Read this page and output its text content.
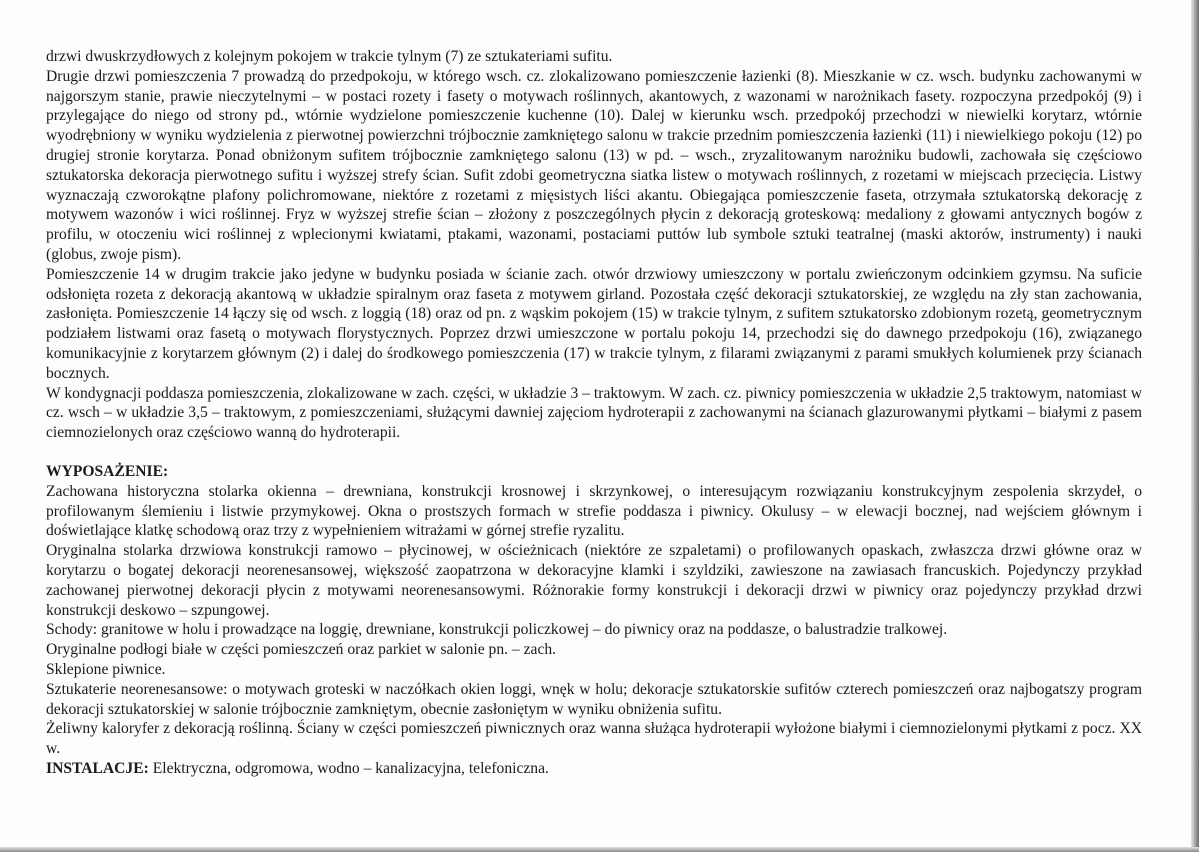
drzwi dwuskrzydłowych z kolejnym pokojem w trakcie tylnym (7) ze sztukateriami sufitu.

Drugie drzwi pomieszczenia 7 prowadzą do przedpokoju, w którego wsch. cz. zlokalizowano pomieszczenie łazienki (8). Mieszkanie w cz. wsch. budynku zachowanymi w najgorszym stanie, prawie nieczytelnymi – w postaci rozety i fasety o motywach roślinnych, akantowych, z wazonami w narożnikach fasety. rozpoczyna przedpokój (9) i przylegające do niego od strony pd., wtórnie wydzielone pomieszczenie kuchenne (10). Dalej w kierunku wsch. przedpokój przechodzi w niewielki korytarz, wtórnie wyodrębniony w wyniku wydzielenia z pierwotnej powierzchni trójbocznie zamkniętego salonu w trakcie przednim pomieszczenia łazienki (11) i niewielkiego pokoju (12) po drugiej stronie korytarza. Ponad obniżonym sufitem trójbocznie zamkniętego salonu (13) w pd. – wsch., zryzalitowanym narożniku budowli, zachowała się częściowo sztukatorska dekoracja pierwotnego sufitu i wyższej strefy ścian. Sufit zdobi geometryczna siatka listew o motywach roślinnych, z rozetami w miejscach przecięcia. Listwy wyznaczają czworokątne plafony polichromowane, niektóre z rozetami z mięsistych liści akantu. Obiegająca pomieszczenie faseta, otrzymała sztukatorską dekorację z motywem wazonów i wici roślinnej. Fryz w wyższej strefie ścian – złożony z poszczególnych płycin z dekoracją groteskową: medaliony z głowami antycznych bogów z profilu, w otoczeniu wici roślinnej z wplecionymi kwiatami, ptakami, wazonami, postaciami puttów lub symbole sztuki teatralnej (maski aktorów, instrumenty) i nauki (globus, zwoje pism).

Pomieszczenie 14 w drugim trakcie jako jedyne w budynku posiada w ścianie zach. otwór drzwiowy umieszczony w portalu zwieńczonym odcinkiem gzymsu. Na suficie odsłonięta rozeta z dekoracją akantową w układzie spiralnym oraz faseta z motywem girland. Pozostała część dekoracji sztukatorskiej, ze względu na zły stan zachowania, zasłonięta. Pomieszczenie 14 łączy się od wsch. z loggią (18) oraz od pn. z wąskim pokojem (15) w trakcie tylnym, z sufitem sztukatorsko zdobionym rozetą, geometrycznym podziałem listwami oraz fasetą o motywach florystycznych. Poprzez drzwi umieszczone w portalu pokoju 14, przechodzi się do dawnego przedpokoju (16), związanego komunikacyjnie z korytarzem głównym (2) i dalej do środkowego pomieszczenia (17) w trakcie tylnym, z filarami związanymi z parami smukłych kolumienek przy ścianach bocznych.

W kondygnacji poddasza pomieszczenia, zlokalizowane w zach. części, w układzie 3 – traktowym. W zach. cz. piwnicy pomieszczenia w układzie 2,5 traktowym, natomiast w cz. wsch – w układzie 3,5 – traktowym, z pomieszczeniami, służącymi dawniej zajęciom hydroterapii z zachowanymi na ścianach glazurowanymi płytkami – białymi z pasem ciemnozielonych oraz częściowo wanną do hydroterapii.

WYPOSAŻENIE:

Zachowana historyczna stolarka okienna – drewniana, konstrukcji krosnowej i skrzynkowej, o interesującym rozwiązaniu konstrukcyjnym zespolenia skrzydeł, o profilowanym ślemieniu i listwie przymykowej. Okna o prostszych formach w strefie poddasza i piwnicy. Okulusy – w elewacji bocznej, nad wejściem głównym i doświetlające klatkę schodową oraz trzy z wypełnieniem witrażami w górnej strefie ryzalitu.

Oryginalna stolarka drzwiowa konstrukcji ramowo – płycinowej, w ościeżnicach (niektóre ze szpaletami) o profilowanych opaskach, zwłaszcza drzwi główne oraz w korytarzu o bogatej dekoracji neorenesansowej, większość zaopatrzona w dekoracyjne klamki i szyldziki, zawieszone na zawiasach francuskich. Pojedynczy przykład zachowanej pierwotnej dekoracji płycin z motywami neorenesansowymi. Różnorakie formy konstrukcji i dekoracji drzwi w piwnicy oraz pojedynczy przykład drzwi konstrukcji deskowo – szpungowej.

Schody: granitowe w holu i prowadzące na loggię, drewniane, konstrukcji policzkowej – do piwnicy oraz na poddasze, o balustradzie tralkowej.

Oryginalne podłogi białe w części pomieszczeń oraz parkiet w salonie pn. – zach.

Sklepione piwnice.

Sztukaterie neorenesansowe: o motywach groteski w naczółkach okien loggi, wnęk w holu; dekoracje sztukatorskie sufitów czterech pomieszczeń oraz najbogatszy program dekoracji sztukatorskiej w salonie trójbocznie zamkniętym, obecnie zasłoniętym w wyniku obniżenia sufitu.

Żeliwny kaloryfer z dekoracją roślinną. Ściany w części pomieszczeń piwnicznych oraz wanna służąca hydroterapii wyłożone białymi i ciemnozielonymi płytkami z pocz. XX w.

INSTALACJE: Elektryczna, odgromowa, wodno – kanalizacyjna, telefoniczna.
